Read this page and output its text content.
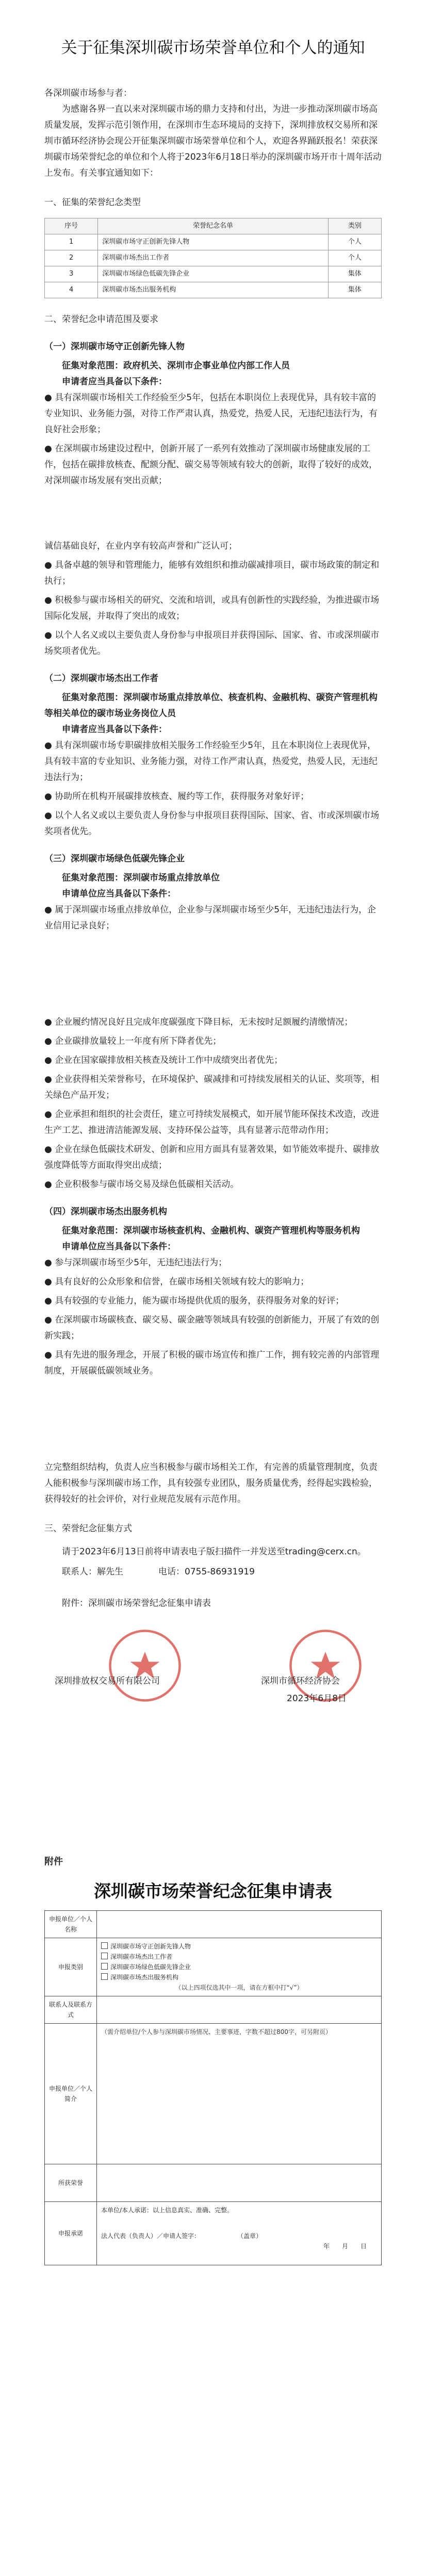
关于征集深圳碳市场荣誉单位和个人的通知

各深圳碳市场参与者：

为感谢各界一直以来对深圳碳市场的鼎力支持和付出，为进一步推动深圳碳市场高质量发展，发挥示范引领作用，在深圳市生态环境局的支持下，深圳排放权交易所和深圳市循环经济协会现公开征集深圳碳市场荣誉单位和个人，欢迎各界踊跃报名！荣获深圳碳市场荣誉纪念的单位和个人将于2023年6月18日举办的深圳碳市场开市十周年活动上发布。有关事宜通知如下：

一、征集的荣誉纪念类型

序号	荣誉纪念名单	类别
1	深圳碳市场守正创新先锋人物	个人
2	深圳碳市场杰出工作者	个人
3	深圳碳市场绿色低碳先锋企业	集体
4	深圳碳市场杰出服务机构	集体

二、荣誉纪念申请范围及要求

（一）深圳碳市场守正创新先锋人物

征集对象范围：政府机关、深圳市企事业单位内部工作人员

申请者应当具备以下条件：

● 具有深圳碳市场相关工作经验至少5年，包括在本职岗位上表现优异，具有较丰富的专业知识、业务能力强，对待工作严肃认真，热爱党，热爱人民，无违纪违法行为，有良好社会形象；

● 在深圳碳市场建设过程中，创新开展了一系列有效推动了深圳碳市场健康发展的工作，包括在碳排放核查、配额分配、碳交易等领域有较大的创新，取得了较好的成效，对深圳碳市场发展有突出贡献；

诚信基础良好，在业内享有较高声誉和广泛认可；

● 具备卓越的领导和管理能力，能够有效组织和推动碳减排项目，碳市场政策的制定和执行；

● 积极参与碳市场相关的研究、交流和培训，或具有创新性的实践经验，为推进碳市场国际化发展，并取得了突出的成效；

● 以个人名义或以主要负责人身份参与申报项目并获得国际、国家、省、市或深圳碳市场奖项者优先。

（二）深圳碳市场杰出工作者

征集对象范围：深圳碳市场重点排放单位、核查机构、金融机构、碳资产管理机构等相关单位的碳市场业务岗位人员

申请者应当具备以下条件：

● 具有深圳碳市场专职碳排放相关服务工作经验至少5年，且在本职岗位上表现优异，具有较丰富的专业知识、业务能力强，对待工作严肃认真，热爱党，热爱人民，无违纪违法行为；

● 协助所在机构开展碳排放核查、履约等工作，获得服务对象好评；

● 以个人名义或以主要负责人身份参与申报项目获得国际、国家、省、市或深圳碳市场奖项者优先。

（三）深圳碳市场绿色低碳先锋企业

征集对象范围：深圳碳市场重点排放单位

申请单位应当具备以下条件：

● 属于深圳碳市场重点排放单位，企业参与深圳碳市场至少5年，无违纪违法行为，企业信用记录良好；

● 企业履约情况良好且完成年度碳强度下降目标，无未按时足额履约清缴情况；

● 企业碳排放量较上一年度有所下降者优先；

● 企业在国家碳排放相关核查及统计工作中成绩突出者优先；

● 企业获得相关荣誉称号，在环境保护、碳减排和可持续发展相关的认证、奖项等，相关绿色产品开发；

● 企业承担和组织的社会责任，建立可持续发展模式，如开展节能环保技术改造，改进生产工艺、推进清洁能源发展、支持环保公益等，具有显著示范带动作用；

● 企业在绿色低碳技术研发、创新和应用方面具有显著效果，如节能效率提升、碳排放强度降低等方面取得突出成绩；

● 企业积极参与碳市场交易及绿色低碳相关活动。

（四）深圳碳市场杰出服务机构

征集对象范围：深圳碳市场核查机构、金融机构、碳资产管理机构等服务机构

申请单位应当具备以下条件：

● 参与深圳碳市场至少5年，无违纪违法行为；

● 具有良好的公众形象和信誉，在碳市场相关领域有较大的影响力；

● 具有较强的专业能力，能为碳市场提供优质的服务，获得服务对象的好评；

● 在深圳碳市场碳核查、碳交易、碳金融等领域具有较强的创新能力，开展了有效的创新实践；

● 具有先进的服务理念，开展了积极的碳市场宣传和推广工作，拥有较完善的内部管理制度，开展碳低碳领域业务。

立完整组织结构，负责人应当积极参与碳市场相关工作，有完善的质量管理制度，负责人能积极参与深圳碳市场工作，具有较强专业团队，服务质量优秀，经得起实践检验，获得较好的社会评价，对行业规范发展有示范作用。

三、荣誉纪念征集方式

请于2023年6月13日前将申请表电子版扫描件一并发送至trading@cerx.cn。

联系人：解先生　　　　电话：0755-86931919

附件：深圳碳市场荣誉纪念征集申请表

深圳排放权交易所有限公司	深圳市循环经济协会
2023年6月8日

附件

深圳碳市场荣誉纪念征集申请表
申报单位／个人名称	
申报类别	深圳碳市场守正创新先锋人物
深圳碳市场杰出工作者
深圳碳市场绿色低碳先锋企业
深圳碳市场杰出服务机构
（以上四项仅选其中一项，请在方框中打“√”）

联系人及联系方式	
申报单位／个人简介	（需介绍单位/个人参与深圳碳市场情况、主要事迹，字数不超过800字，可另附页）
所获荣誉	
申报承诺	本单位/本人承诺：以上信息真实、准确、完整。
法人代表（负责人）／申请人签字：　　　　　　　（盖章）
年　　月　　日
